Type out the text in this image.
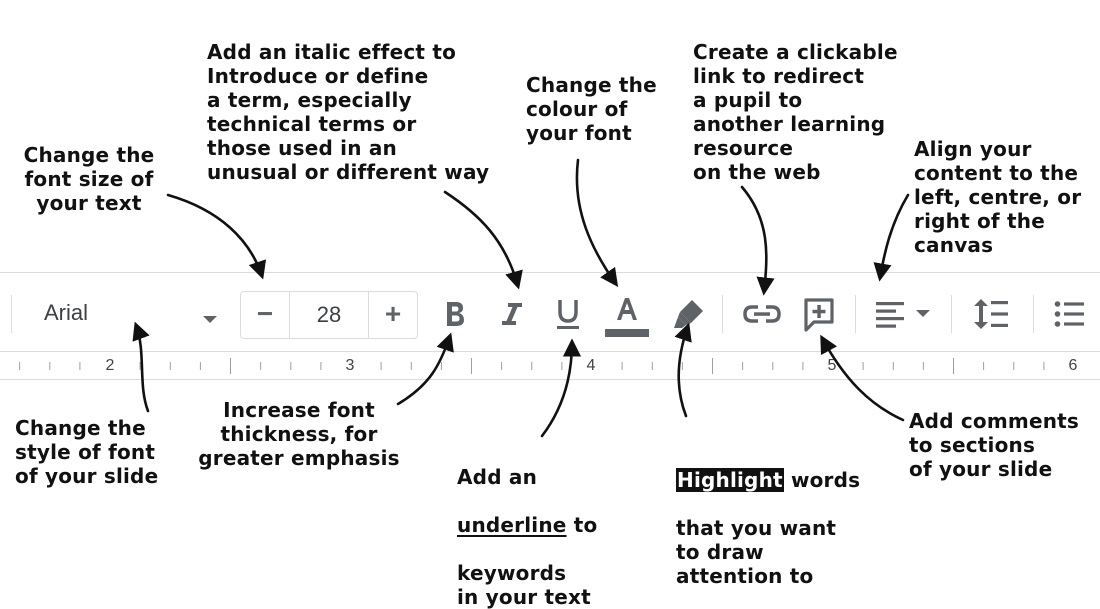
Change the
font size of
your text

Add an italic effect to
Introduce or define
a term, especially
technical terms or
those used in an
unusual or different way

Change the
colour of
your font

Create a clickable
link to redirect
a pupil to
another learning
resource
on the web

Align your
content to the
left, centre, or
right of the
canvas

Arial	−	28	+
2	3	4	5	6

Change the
style of font
of your slide

Increase font
thickness, for
greater emphasis

Add an

underline to

keywords
in your text

Highlight words

that you want
to draw
attention to

Add comments
to sections
of your slide
